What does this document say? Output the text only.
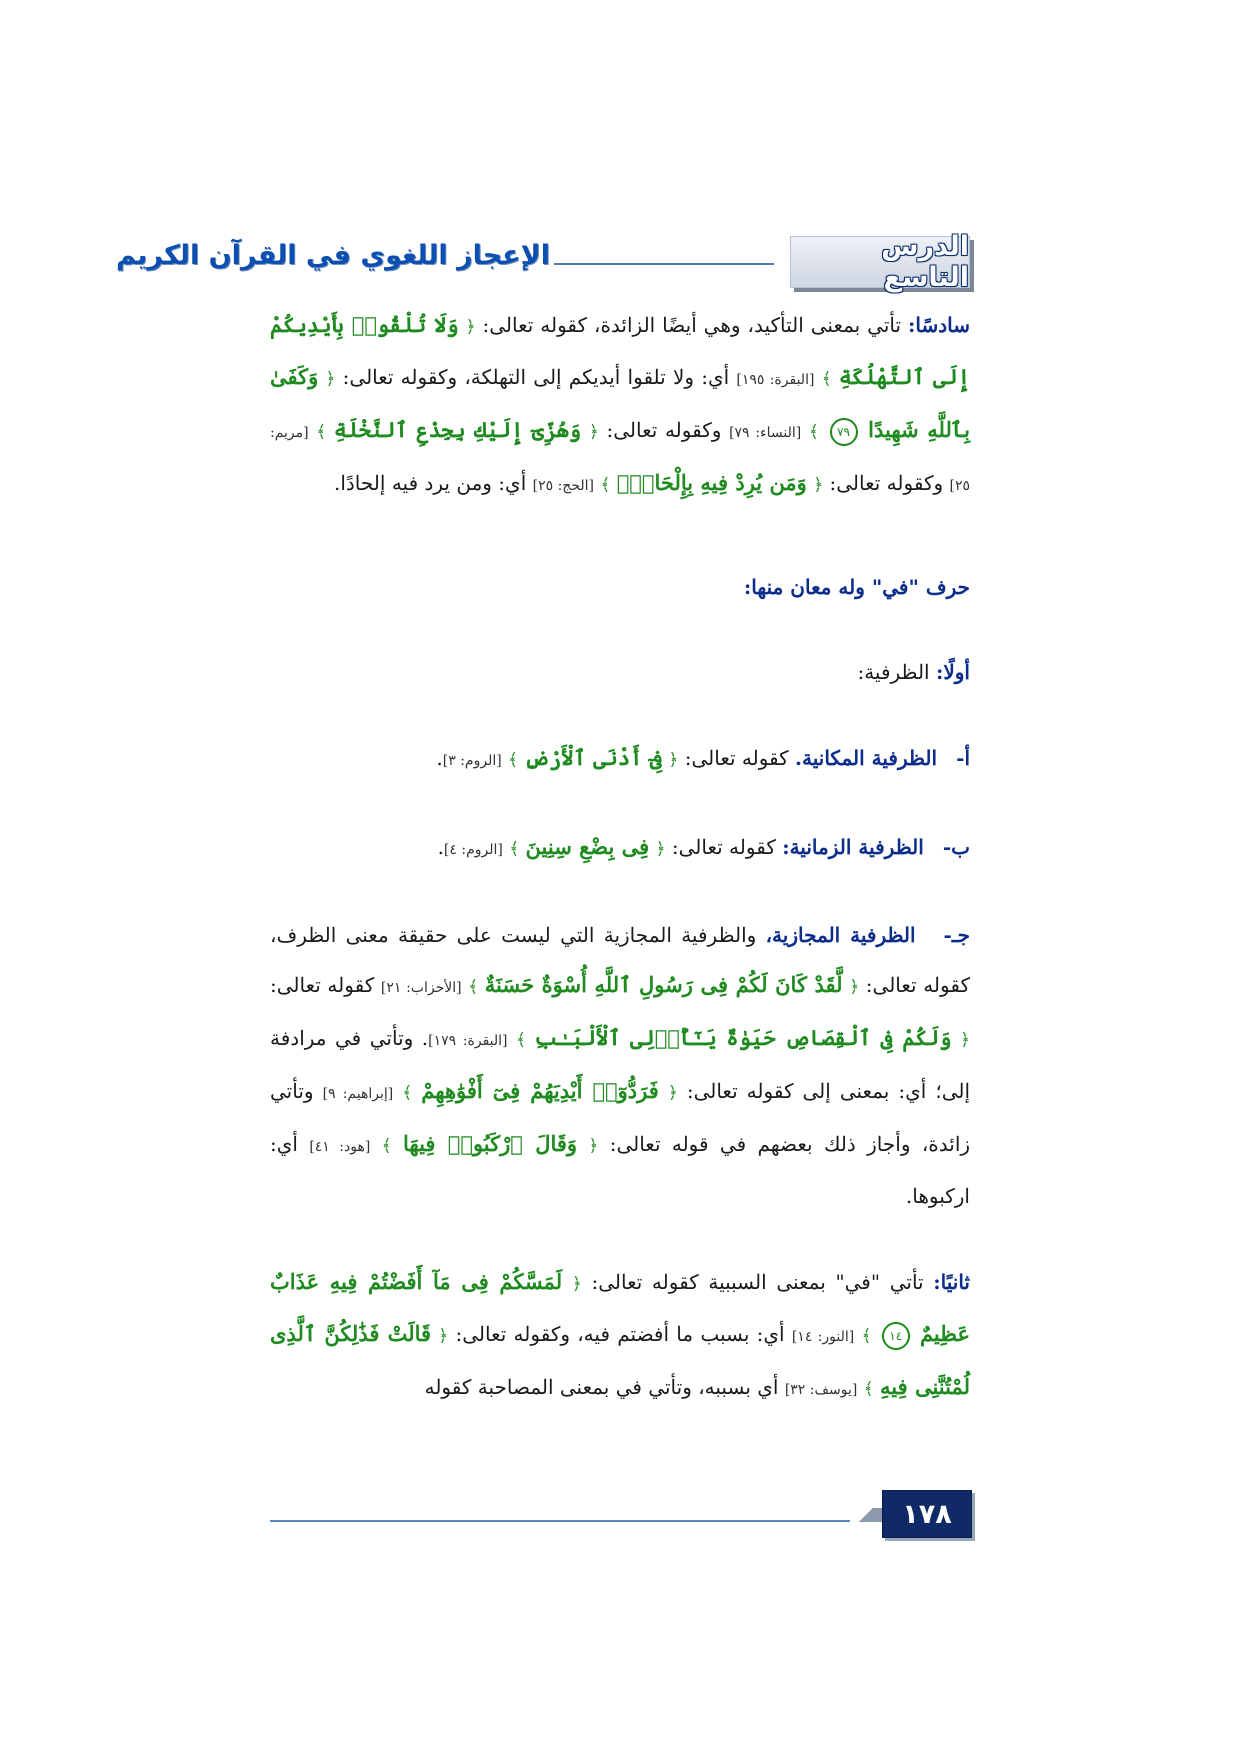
الدرس التاسع
الإعجاز اللغوي في القرآن الكريم

سادسًا: تأتي بمعنى التأكيد، وهي أيضًا الزائدة، كقوله تعالى: ﴿ وَلَا تُلْقُوا۟ بِأَيْدِيكُمْ إِلَى ٱلتَّهْلُكَةِ ﴾ [البقرة: ١٩٥] أي: ولا تلقوا أيديكم إلى التهلكة، وكقوله تعالى: ﴿ وَكَفَىٰ بِٱللَّهِ شَهِيدًا ٧٩ ﴾ [النساء: ٧٩] وكقوله تعالى: ﴿ وَهُزِّىٓ إِلَيْكِ بِجِذْعِ ٱلنَّخْلَةِ ﴾ [مريم: ٢٥] وكقوله تعالى: ﴿ وَمَن يُرِدْ فِيهِ بِإِلْحَادٍۭ ﴾ [الحج: ٢٥] أي: ومن يرد فيه إلحادًا.

حرف "في" وله معان منها:

أولًا: الظرفية:

أ-   الظرفية المكانية. كقوله تعالى: ﴿ فِىٓ أَدْنَى ٱلْأَرْضِ ﴾ [الروم: ٣].

ب-   الظرفية الزمانية: كقوله تعالى: ﴿ فِى بِضْعِ سِنِينَ ﴾ [الروم: ٤].

جـ-   الظرفية المجازية، والظرفية المجازية التي ليست على حقيقة معنى الظرف، كقوله تعالى: ﴿ لَّقَدْ كَانَ لَكُمْ فِى رَسُولِ ٱللَّهِ أُسْوَةٌ حَسَنَةٌ ﴾ [الأحزاب: ٢١] كقوله تعالى: ﴿ وَلَكُمْ فِى ٱلْقِصَاصِ حَيَوٰةٌ يَـٰٓأُو۟لِى ٱلْأَلْبَـٰبِ ﴾ [البقرة: ١٧٩]. وتأتي في مرادفة إلى؛ أي: بمعنى إلى كقوله تعالى: ﴿ فَرَدُّوٓا۟ أَيْدِيَهُمْ فِىٓ أَفْوَٰهِهِمْ ﴾ [إبراهيم: ٩] وتأتي زائدة، وأجاز ذلك بعضهم في قوله تعالى: ﴿ وَقَالَ ٱرْكَبُوا۟ فِيهَا ﴾ [هود: ٤١] أي: اركبوها.

ثانيًا: تأتي "في" بمعنى السببية كقوله تعالى: ﴿ لَمَسَّكُمْ فِى مَآ أَفَضْتُمْ فِيهِ عَذَابٌ عَظِيمٌ ١٤ ﴾ [النور: ١٤] أي: بسبب ما أفضتم فيه، وكقوله تعالى: ﴿ قَالَتْ فَذَٰلِكُنَّ ٱلَّذِى لُمْتُنَّنِى فِيهِ ﴾ [يوسف: ٣٢] أي بسببه، وتأتي في بمعنى المصاحبة كقوله

١٧٨
